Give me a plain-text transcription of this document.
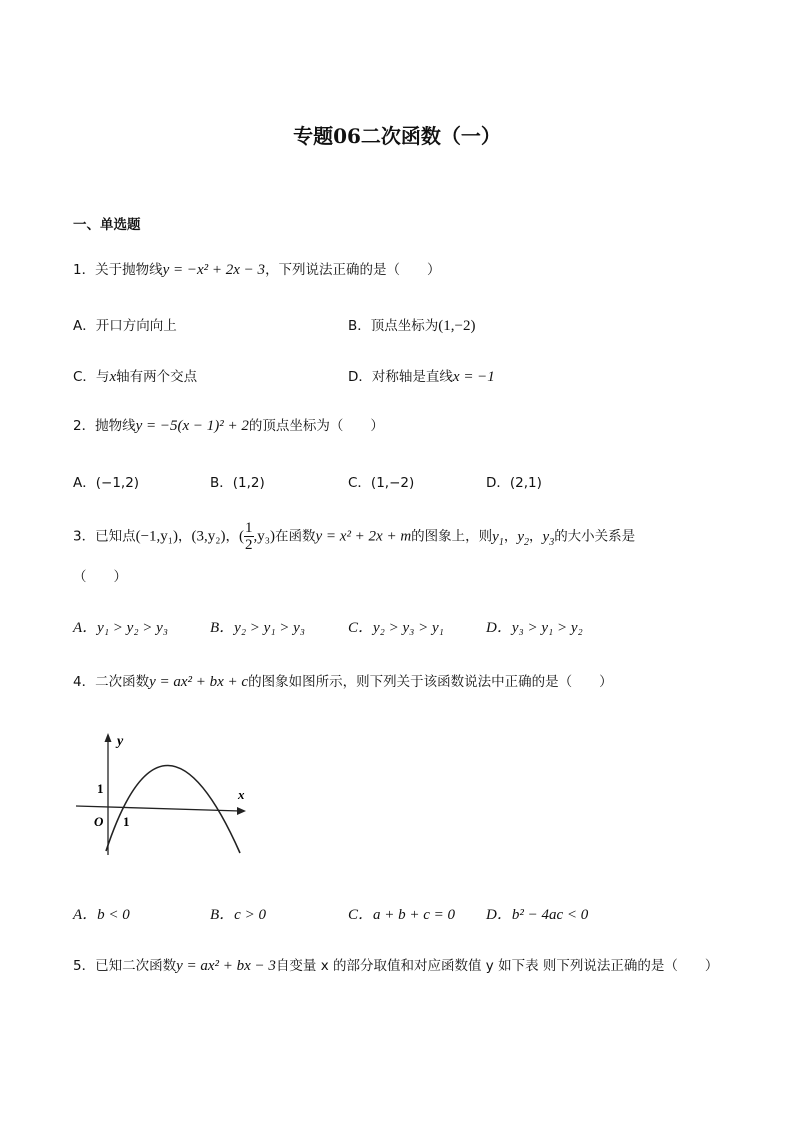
专题06二次函数（一）
一、单选题
1．关于抛物线y = −x² + 2x − 3，下列说法正确的是（　　）
A．开口方向向上	B．顶点坐标为(1,−2)
C．与x轴有两个交点	D．对称轴是直线x = −1
2．抛物线y = −5(x − 1)² + 2的顶点坐标为（　　）
A．(−1,2)	B．(1,2)	C．(1,−2)	D．(2,1)
3．已知点(−1,y₁)，(3,y₂)，( $\frac{1}{2} ,y_3$)在函数y = x² + 2x + m的图象上，则$y_1$，$y_2$，$y_3$的大小关系是
（　　）
A．y₁ > y₂ > y₃	B．y₂ > y₁ > y₃	C．y₂ > y₃ > y₁	D．y₃ > y₁ > y₂
4．二次函数y = ax² + bx + c的图象如图所示，则下列关于该函数说法中正确的是（　　）
y
x
1
O 1
A．b < 0	B．c > 0	C．a + b + c = 0 D．b² − 4ac < 0
5．已知二次函数y = ax² + bx − 3自变量 x 的部分取值和对应函数值 y 如下表 则下列说法正确的是（　　）
